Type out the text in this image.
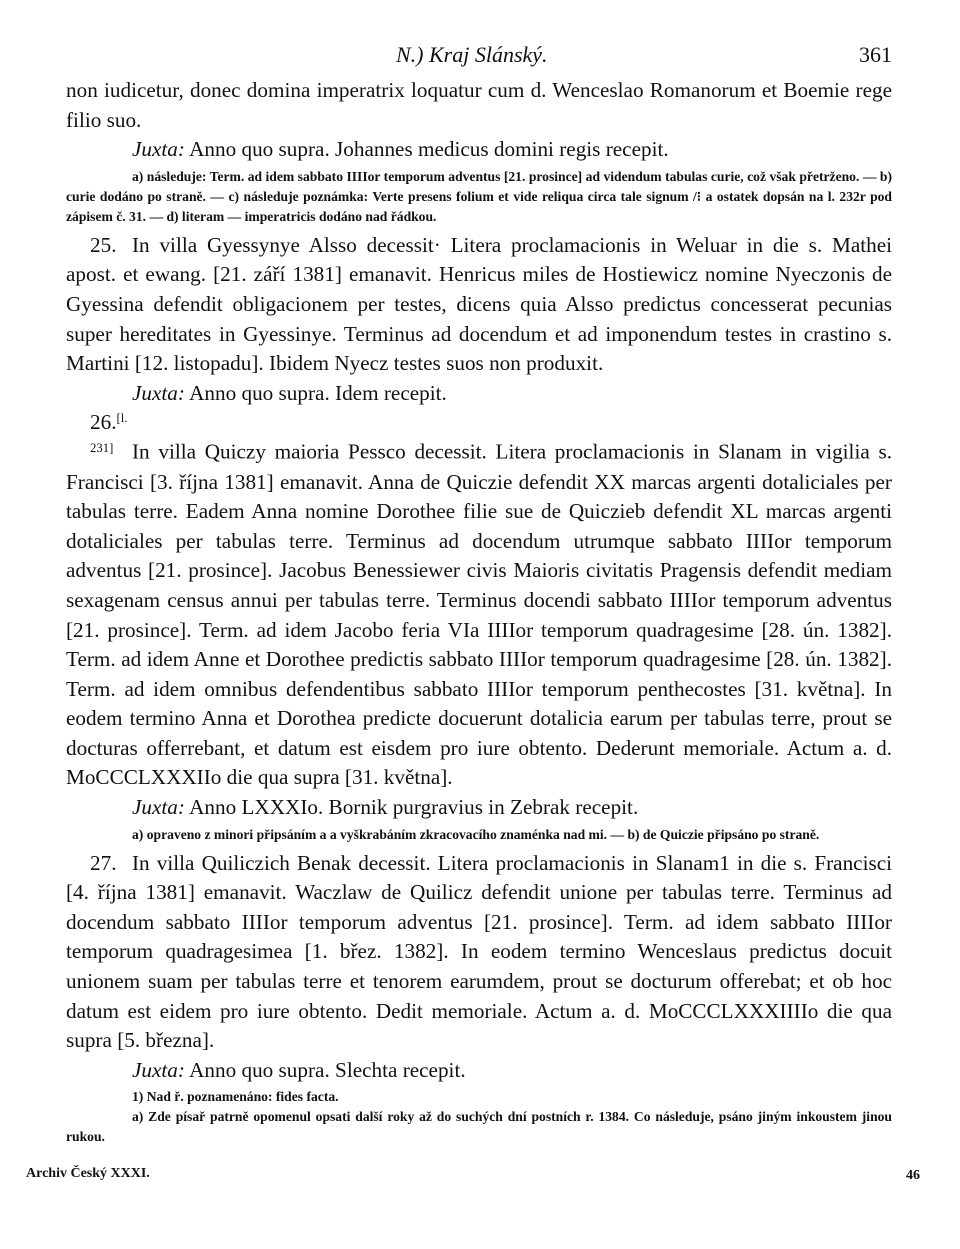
N.) Kraj Slánský.	361

non iudicetur, donec domina imperatrix loquatur cum d. Wenceslao Romanorum et Boemie rege filio suo.

Juxta: Anno quo supra. Johannes medicus domini regis recepit.

a) následuje: Term. ad idem sabbato IIIIor temporum adventus [21. prosince] ad videndum tabulas curie, což však přetrženo. — b) curie dodáno po straně. — c) následuje poznámka: Verte presens folium et vide reliqua circa tale signum /⁝ a ostatek dopsán na l. 232r pod zápisem č. 31. — d) literam — imperatricis dodáno nad řádkou.

25. In villa Gyessynye Alsso decessit· Litera proclamacionis in Weluar in die s. Mathei apost. et ewang. [21. září 1381] emanavit. Henricus miles de Hostiewicz nomine Nyeczonis de Gyessina defendit obligacionem per testes, dicens quia Alsso predictus concesserat pecunias super hereditates in Gyessinye. Terminus ad docendum et ad imponendum testes in crastino s. Martini [12. listopadu]. Ibidem Nyecz testes suos non produxit.

Juxta: Anno quo supra. Idem recepit.

26.[l. 231] In villa Quiczy maioria Pessco decessit. Litera proclamacionis in Slanam in vigilia s. Francisci [3. října 1381] emanavit. Anna de Quiczie defendit XX marcas argenti dotaliciales per tabulas terre. Eadem Anna nomine Dorothee filie sue de Quiczieb defendit XL marcas argenti dotaliciales per tabulas terre. Terminus ad docendum utrumque sabbato IIIIor temporum adventus [21. prosince]. Jacobus Benessiewer civis Maioris civitatis Pragensis defendit mediam sexagenam census annui per tabulas terre. Terminus docendi sabbato IIIIor temporum adventus [21. prosince]. Term. ad idem Jacobo feria VIa IIIIor temporum quadragesime [28. ún. 1382]. Term. ad idem Anne et Dorothee predictis sabbato IIIIor temporum quadragesime [28. ún. 1382]. Term. ad idem omnibus defendentibus sabbato IIIIor temporum penthecostes [31. května]. In eodem termino Anna et Dorothea predicte docuerunt dotalicia earum per tabulas terre, prout se docturas offerrebant, et datum est eisdem pro iure obtento. Dederunt memoriale. Actum a. d. MoCCCLXXXIIo die qua supra [31. května].

Juxta: Anno LXXXIo. Bornik purgravius in Zebrak recepit.

a) opraveno z minori připsáním a a vyškrabáním zkracovacího znaménka nad mi. — b) de Quiczie připsáno po straně.

27. In villa Quiliczich Benak decessit. Litera proclamacionis in Slanam1 in die s. Francisci [4. října 1381] emanavit. Waczlaw de Quilicz defendit unione per tabulas terre. Terminus ad docendum sabbato IIIIor temporum adventus [21. prosince]. Term. ad idem sabbato IIIIor temporum quadragesimea [1. břez. 1382]. In eodem termino Wenceslaus predictus docuit unionem suam per tabulas terre et tenorem earumdem, prout se docturum offerebat; et ob hoc datum est eidem pro iure obtento. Dedit memoriale. Actum a. d. MoCCCLXXXIIIIo die qua supra [5. března].

Juxta: Anno quo supra. Slechta recepit.

1) Nad ř. poznamenáno: fides facta.
a) Zde písař patrně opomenul opsati další roky až do suchých dní postních r. 1384. Co následuje, psáno jiným inkoustem jinou rukou.
Archiv Český XXXI.	46
